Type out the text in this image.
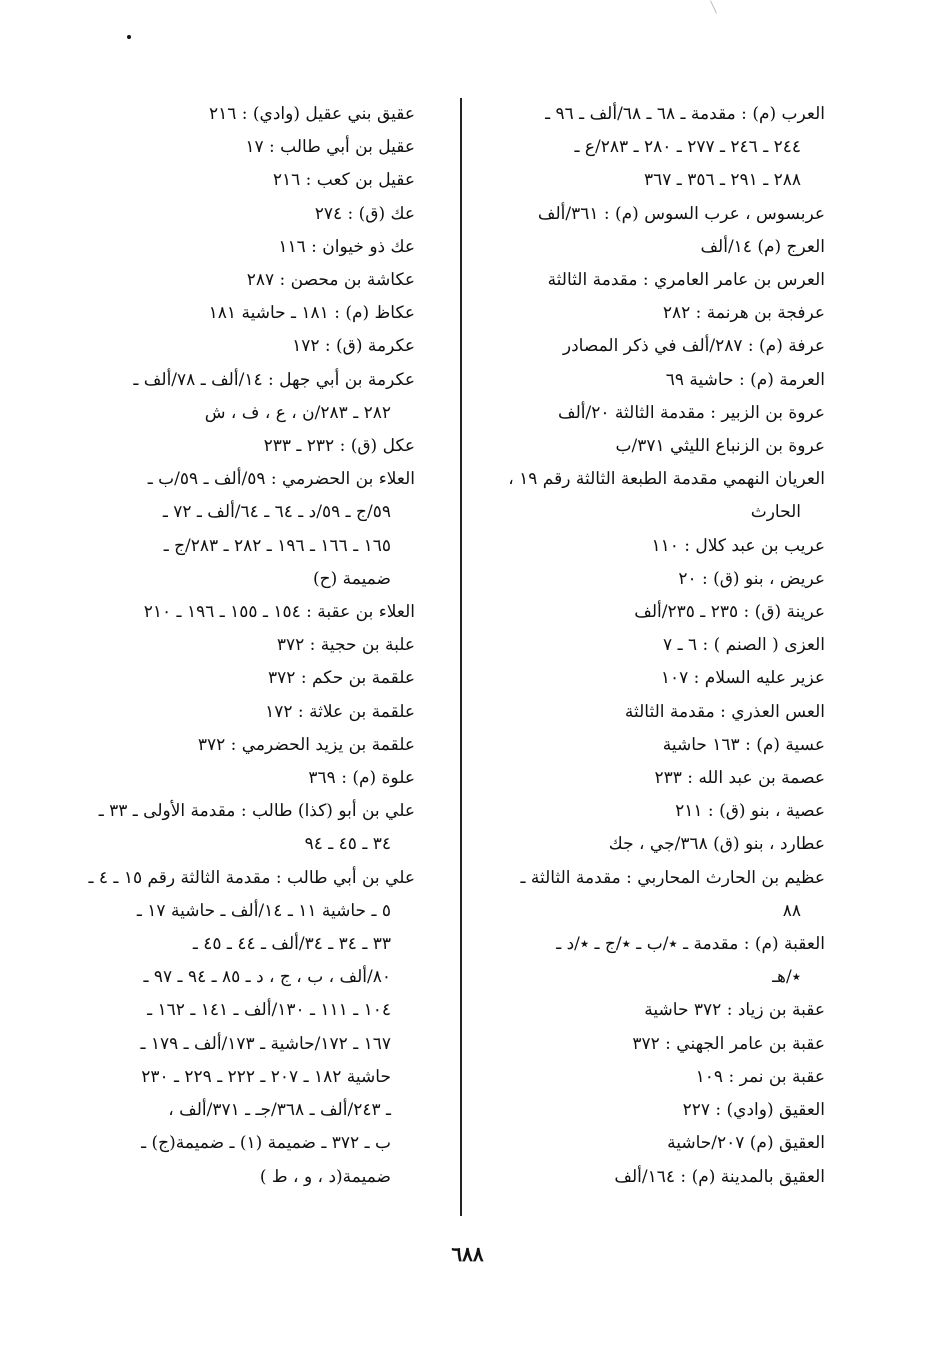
العرب (م) : مقدمة ـ ٦٨ ـ ٦٨/ألف ـ ٩٦ ـ
٢٤٤ ـ ٢٤٦ ـ ٢٧٧ ـ ٢٨٠ ـ ٢٨٣/ع ـ
٢٨٨ ـ ٢٩١ ـ ٣٥٦ ـ ٣٦٧
عربسوس ، عرب السوس (م) : ٣٦١/ألف
العرج (م) ١٤/ألف
العرس بن عامر العامري : مقدمة الثالثة
عرفجة بن هرنمة : ٢٨٢
عرفة (م) : ٢٨٧/ألف في ذكر المصادر
العرمة (م) : حاشية ٦٩
عروة بن الزبير : مقدمة الثالثة ٢٠/ألف
عروة بن الزنباع الليثي ٣٧١/ب
العريان النهمي مقدمة الطبعة الثالثة رقم ١٩ ،
الحارث
عريب بن عبد كلال : ١١٠
عريض ، بنو (ق) : ٢٠
عرينة (ق) : ٢٣٥ ـ ٢٣٥/ألف
العزى ( الصنم ) : ٦ ـ ٧
عزير عليه السلام : ١٠٧
العس العذري : مقدمة الثالثة
عسية (م) : ١٦٣ حاشية
عصمة بن عبد الله : ٢٣٣
عصية ، بنو (ق) : ٢١١
عطارد ، بنو (ق) ٣٦٨/جي ، جك
عظيم بن الحارث المحاربي : مقدمة الثالثة ـ
٨٨
العقبة (م) : مقدمة ـ ٭/ب ـ ٭/ج ـ ٭/د ـ
٭/هـ
عقبة بن زياد : ٣٧٢ حاشية
عقبة بن عامر الجهني : ٣٧٢
عقبة بن نمر : ١٠٩
العقيق (وادي) : ٢٢٧
العقيق (م) ٢٠٧/حاشية
العقيق بالمدينة (م) : ١٦٤/ألف
عقيق بني عقيل (وادي) : ٢١٦
عقيل بن أبي طالب : ١٧
عقيل بن كعب : ٢١٦
عك (ق) : ٢٧٤
عك ذو خيوان : ١١٦
عكاشة بن محصن : ٢٨٧
عكاظ (م) : ١٨١ ـ حاشية ١٨١
عكرمة (ق) : ١٧٢
عكرمة بن أبي جهل : ١٤/ألف ـ ٧٨/ألف ـ
٢٨٢ ـ ٢٨٣/ن ، ع ، ف ، ش
عكل (ق) : ٢٣٢ ـ ٢٣٣
العلاء بن الحضرمي : ٥٩/ألف ـ ٥٩/ب ـ
٥٩/ج ـ ٥٩/د ـ ٦٤ ـ ٦٤/ألف ـ ٧٢ ـ
١٦٥ ـ ١٦٦ ـ ١٩٦ ـ ٢٨٢ ـ ٢٨٣/ج ـ
ضميمة (ح)
العلاء بن عقبة : ١٥٤ ـ ١٥٥ ـ ١٩٦ ـ ٢١٠
علبة بن حجية : ٣٧٢
علقمة بن حكم : ٣٧٢
علقمة بن علاثة : ١٧٢
علقمة بن يزيد الحضرمي : ٣٧٢
علوة (م) : ٣٦٩
علي بن أبو (كذا) طالب : مقدمة الأولى ـ ٣٣ ـ
٣٤ ـ ٤٥ ـ ٩٤
علي بن أبي طالب : مقدمة الثالثة رقم ١٥ ـ ٤ ـ
٥ ـ حاشية ١١ ـ ١٤/ألف ـ حاشية ١٧ ـ
٣٣ ـ ٣٤ ـ ٣٤/ألف ـ ٤٤ ـ ٤٥ ـ
٨٠/ألف ، ب ، ج ، د ـ ٨٥ ـ ٩٤ ـ ٩٧ ـ
١٠٤ ـ ١١١ ـ ١٣٠/ألف ـ ١٤١ ـ ١٦٢ ـ
١٦٧ ـ ١٧٢/حاشية ـ ١٧٣/ألف ـ ١٧٩ ـ
حاشية ١٨٢ ـ ٢٠٧ ـ ٢٢٢ ـ ٢٢٩ ـ ٢٣٠
ـ ٢٤٣/ألف ـ ٣٦٨/جـ ـ ٣٧١/ألف ،
ب ـ ٣٧٢ ـ ضميمة (١) ـ ضميمة(ج) ـ
ضميمة(د ، و ، ط )
٦٨٨
